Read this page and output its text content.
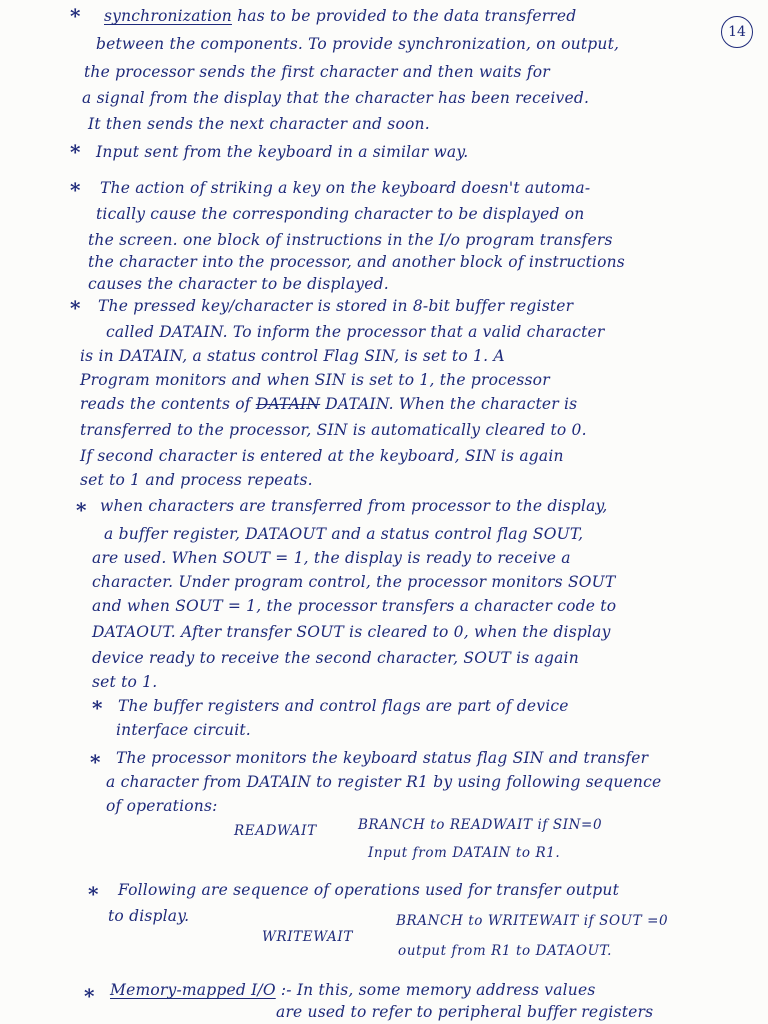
14
* synchronization has to be provided to the data transferred
between the components. To provide synchronization, on output,
the processor sends the first character and then waits for
a signal from the display that the character has been received.
It then sends the next character and soon.
* Input sent from the keyboard in a similar way.
* The action of striking a key on the keyboard doesn't automa-
tically cause the corresponding character to be displayed on
the screen. one block of instructions in the I/o program transfers
the character into the processor, and another block of instructions
causes the character to be displayed.
* The pressed key/character is stored in 8-bit buffer register
called DATAIN. To inform the processor that a valid character
is in DATAIN, a status control Flag SIN, is set to 1. A
Program monitors and when SIN is set to 1, the processor
reads the contents of DATAIN DATAIN. When the character is
transferred to the processor, SIN is automatically cleared to 0.
If second character is entered at the keyboard, SIN is again
set to 1 and process repeats.
* when characters are transferred from processor to the display,
a buffer register, DATAOUT and a status control flag SOUT,
are used. When SOUT = 1, the display is ready to receive a
character. Under program control, the processor monitors SOUT
and when SOUT = 1, the processor transfers a character code to
DATAOUT. After transfer SOUT is cleared to 0, when the display
device ready to receive the second character, SOUT is again
set to 1.
* The buffer registers and control flags are part of device
interface circuit.
* The processor monitors the keyboard status flag SIN and transfer
a character from DATAIN to register R1 by using following sequence
of operations:
READWAIT	BRANCH to READWAIT if SIN=0
Input from DATAIN to R1.
* Following are sequence of operations used for transfer output
to display.
WRITEWAIT
BRANCH to WRITEWAIT if SOUT =0
output from R1 to DATAOUT.
* Memory-mapped I/O :- In this, some memory address values
are used to refer to peripheral buffer registers
